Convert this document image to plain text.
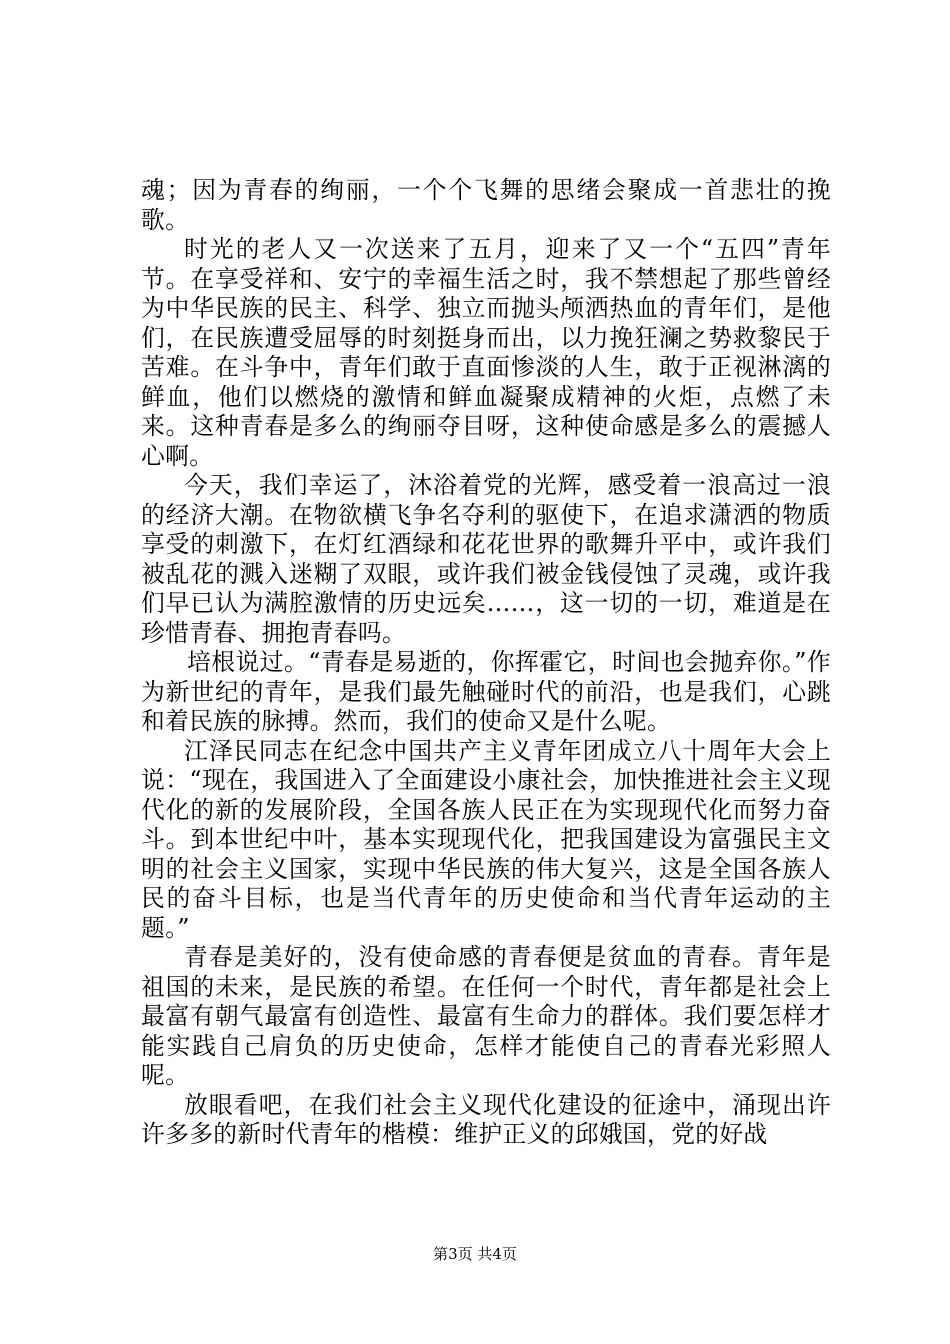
魂；因为青春的绚丽，一个个飞舞的思绪会聚成一首悲壮的挽歌。

时光的老人又一次送来了五月，迎来了又一个“五四”青年节。在享受祥和、安宁的幸福生活之时，我不禁想起了那些曾经为中华民族的民主、科学、独立而抛头颅洒热血的青年们，是他们，在民族遭受屈辱的时刻挺身而出，以力挽狂澜之势救黎民于苦难。在斗争中，青年们敢于直面惨淡的人生，敢于正视淋漓的鲜血，他们以燃烧的激情和鲜血凝聚成精神的火炬，点燃了未来。这种青春是多么的绚丽夺目呀，这种使命感是多么的震撼人心啊。

今天，我们幸运了，沐浴着党的光辉，感受着一浪高过一浪的经济大潮。在物欲横飞争名夺利的驱使下，在追求潇洒的物质享受的刺激下，在灯红酒绿和花花世界的歌舞升平中，或许我们被乱花的溅入迷糊了双眼，或许我们被金钱侵蚀了灵魂，或许我们早已认为满腔激情的历史远矣……，这一切的一切，难道是在珍惜青春、拥抱青春吗。

培根说过。“青春是易逝的，你挥霍它，时间也会抛弃你。”作为新世纪的青年，是我们最先触碰时代的前沿，也是我们，心跳和着民族的脉搏。然而，我们的使命又是什么呢。

江泽民同志在纪念中国共产主义青年团成立八十周年大会上说：“现在，我国进入了全面建设小康社会，加快推进社会主义现代化的新的发展阶段，全国各族人民正在为实现现代化而努力奋斗。到本世纪中叶，基本实现现代化，把我国建设为富强民主文明的社会主义国家，实现中华民族的伟大复兴，这是全国各族人民的奋斗目标，也是当代青年的历史使命和当代青年运动的主题。”

青春是美好的，没有使命感的青春便是贫血的青春。青年是祖国的未来，是民族的希望。在任何一个时代，青年都是社会上最富有朝气最富有创造性、最富有生命力的群体。我们要怎样才能实践自己肩负的历史使命，怎样才能使自己的青春光彩照人呢。

放眼看吧，在我们社会主义现代化建设的征途中，涌现出许许多多的新时代青年的楷模：维护正义的邱娥国，党的好战

第3页 共4页
